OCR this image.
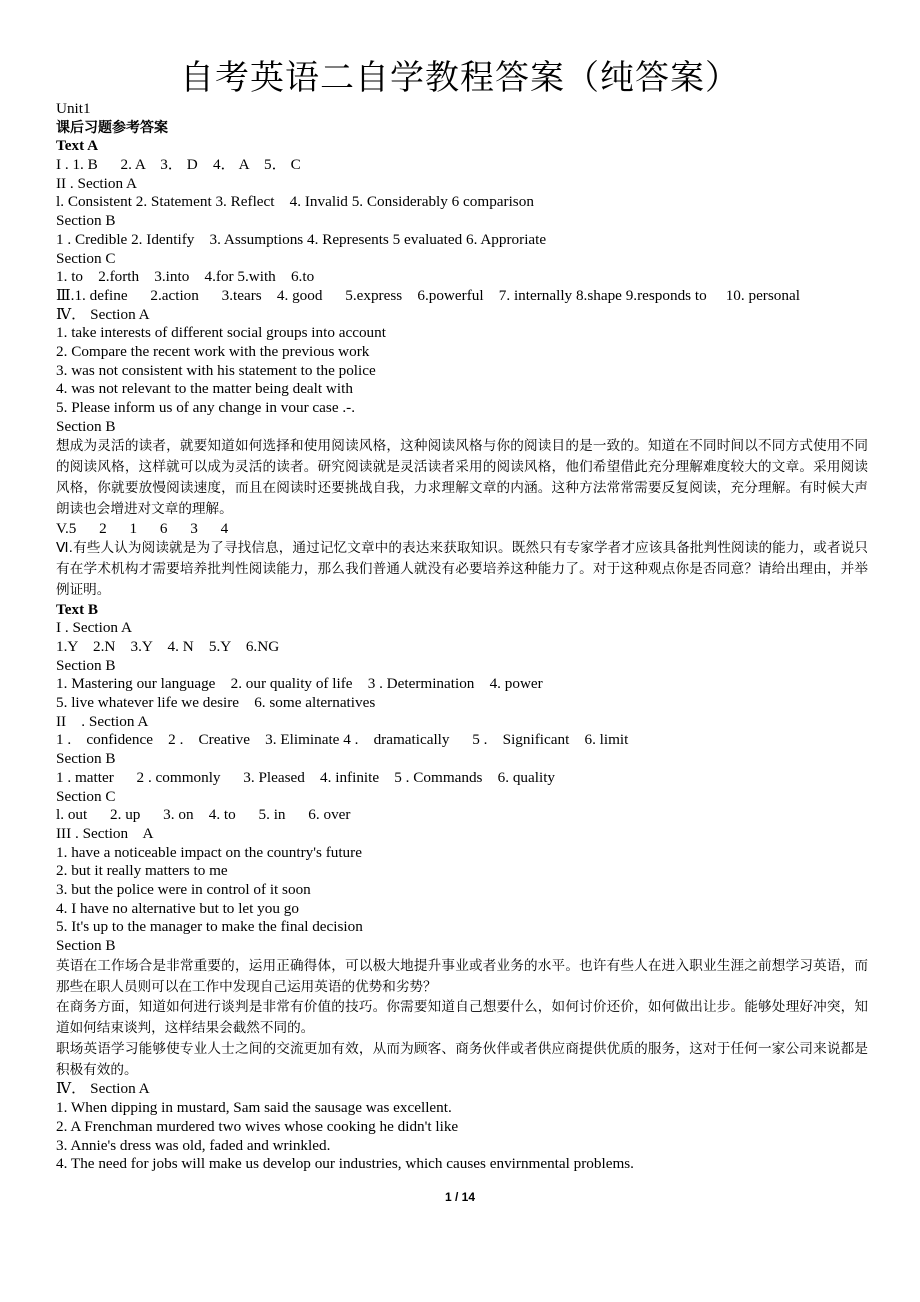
自考英语二自学教程答案（纯答案）
Unit1
课后习题参考答案
Text A
I . 1. B      2. A    3． D    4． A    5． C
II . Section A
l. Consistent 2. Statement 3. Reflect    4. Invalid 5. Considerably 6 comparison
Section B
1 . Credible 2. Identify    3. Assumptions 4. Represents 5 evaluated 6. Approriate
Section C
1. to    2.forth    3.into    4.for 5.with    6.to
Ⅲ.1. define      2.action      3.tears    4. good      5.express    6.powerful    7. internally 8.shape 9.responds to     10. personal
Ⅳ． Section A
1. take interests of different social groups into account
2. Compare the recent work with the previous work
3. was not consistent with his statement to the police
4. was not relevant to the matter being dealt with
5. Please inform us of any change in vour case .-.
Section B

想成为灵活的读者，就要知道如何选择和使用阅读风格，这种阅读风格与你的阅读目的是一致的。知道在不同时间以不同方式使用不同的阅读风格，这样就可以成为灵活的读者。研究阅读就是灵活读者采用的阅读风格，他们希望借此充分理解难度较大的文章。采用阅读风格，你就要放慢阅读速度，而且在阅读时还要挑战自我，力求理解文章的内涵。这种方法常常需要反复阅读，充分理解。有时候大声朗读也会增进对文章的理解。

V.5      2      1      6      3      4

Ⅵ.有些人认为阅读就是为了寻找信息，通过记忆文章中的表达来获取知识。既然只有专家学者才应该具备批判性阅读的能力，或者说只有在学术机构才需要培养批判性阅读能力，那么我们普通人就没有必要培养这种能力了。对于这种观点你是否同意？请给出理由，并举例证明。

Text B
I . Section A
1.Y    2.N    3.Y    4. N    5.Y    6.NG
Section B
1. Mastering our language    2. our quality of life    3 . Determination    4. power
5. live whatever life we desire    6. some alternatives
II    . Section A
1 .    confidence    2 .    Creative    3. Eliminate 4 .    dramatically      5 .    Significant    6. limit
Section B
1 . matter      2 . commonly      3. Pleased    4. infinite    5 . Commands    6. quality
Section C
l. out      2. up      3. on    4. to      5. in      6. over
III . Section    A
1. have a noticeable impact on the country's future
2. but it really matters to me
3. but the police were in control of it soon
4. I have no alternative but to let you go
5. It's up to the manager to make the final decision
Section B

英语在工作场合是非常重要的，运用正确得体，可以极大地提升事业或者业务的水平。也许有些人在进入职业生涯之前想学习英语，而那些在职人员则可以在工作中发现自己运用英语的优势和劣势？

在商务方面，知道如何进行谈判是非常有价值的技巧。你需要知道自己想要什么，如何讨价还价，如何做出让步。能够处理好冲突，知道如何结束谈判，这样结果会截然不同的。

职场英语学习能够使专业人士之间的交流更加有效，从而为顾客、商务伙伴或者供应商提供优质的服务，这对于任何一家公司来说都是积极有效的。

Ⅳ． Section A
1. When dipping in mustard, Sam said the sausage was excellent.
2. A Frenchman murdered two wives whose cooking he didn't like
3. Annie's dress was old, faded and wrinkled.
4. The need for jobs will make us develop our industries, which causes envirnmental problems.
1 / 14
